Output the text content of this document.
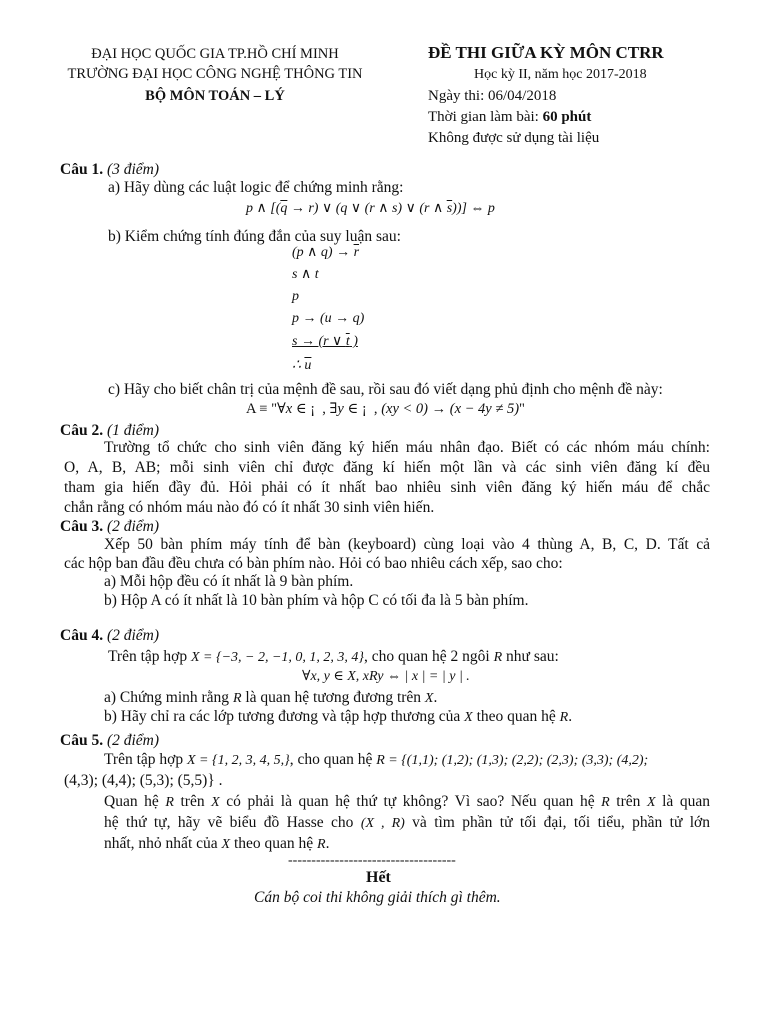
ĐẠI HỌC QUỐC GIA TP.HỒ CHÍ MINH
TRƯỜNG ĐẠI HỌC CÔNG NGHỆ THÔNG TIN
BỘ MÔN TOÁN – LÝ
ĐỀ THI GIỮA KỲ MÔN CTRR
Học kỳ II, năm học 2017-2018
Ngày thi: 06/04/2018
Thời gian làm bài: 60 phút
Không được sử dụng tài liệu
Câu 1. (3 điểm)
a) Hãy dùng các luật logic để chứng minh rằng:
p ∧ [$(\overline{q} \to r)$ ∨ (q ∨ (r ∧ s) ∨ (r ∧ $\overline{s}$))] ⇔ p
b) Kiểm chứng tính đúng đắn của suy luận sau:
(p ∧ $q) \to \overline{r}$
s ∧ t
p
p → (u → q)
s → (r ∨ t )
∴ $\overline{u}$
c) Hãy cho biết chân trị của mệnh đề sau, rồi sau đó viết dạng phủ định cho mệnh đề này:
A ≡ "∀x ∈ ¡  , ∃y ∈ ¡  , (xy < 0) → (x − 4y ≠ 5)"
Câu 2. (1 điểm)
Trường tổ chức cho sinh viên đăng ký hiến máu nhân đạo. Biết có các nhóm máu chính:
O, A, B, AB; mỗi sinh viên chỉ được đăng kí hiến một lần và các sinh viên đăng kí đều
tham gia hiến đầy đủ. Hỏi phải có ít nhất bao nhiêu sinh viên đăng ký hiến máu để chắc
chắn rằng có nhóm máu nào đó có ít nhất 30 sinh viên hiến.
Câu 3. (2 điểm)
Xếp 50 bàn phím máy tính để bàn (keyboard) cùng loại vào 4 thùng A, B, C, D. Tất cả
các hộp ban đầu đều chưa có bàn phím nào. Hỏi có bao nhiêu cách xếp, sao cho:
a) Mỗi hộp đều có ít nhất là 9 bàn phím.
b) Hộp A có ít nhất là 10 bàn phím và hộp C có tối đa là 5 bàn phím.
Câu 4. (2 điểm)
Trên tập hợp X = {−3, − 2, −1, 0, 1, 2, 3, 4}, cho quan hệ 2 ngôi R như sau:
∀x, y ∈ X, xRy ⇔ | x | = | y | .
a) Chứng minh rằng R là quan hệ tương đương trên X.
b) Hãy chỉ ra các lớp tương đương và tập hợp thương của X theo quan hệ R.
Câu 5. (2 điểm)
Trên tập hợp X = {1, 2, 3, 4, 5,}, cho quan hệ R = {(1,1); (1,2); (1,3); (2,2); (2,3); (3,3); (4,2);
(4,3); (4,4); (5,3); (5,5)} .
Quan hệ R trên X có phải là quan hệ thứ tự không? Vì sao? Nếu quan hệ R trên X là quan
hệ thứ tự, hãy vẽ biểu đồ Hasse cho (X , R) và tìm phần tử tối đại, tối tiểu, phần tử lớn
nhất, nhỏ nhất của X theo quan hệ R.
------------------------------------
Hết
Cán bộ coi thi không giải thích gì thêm.
